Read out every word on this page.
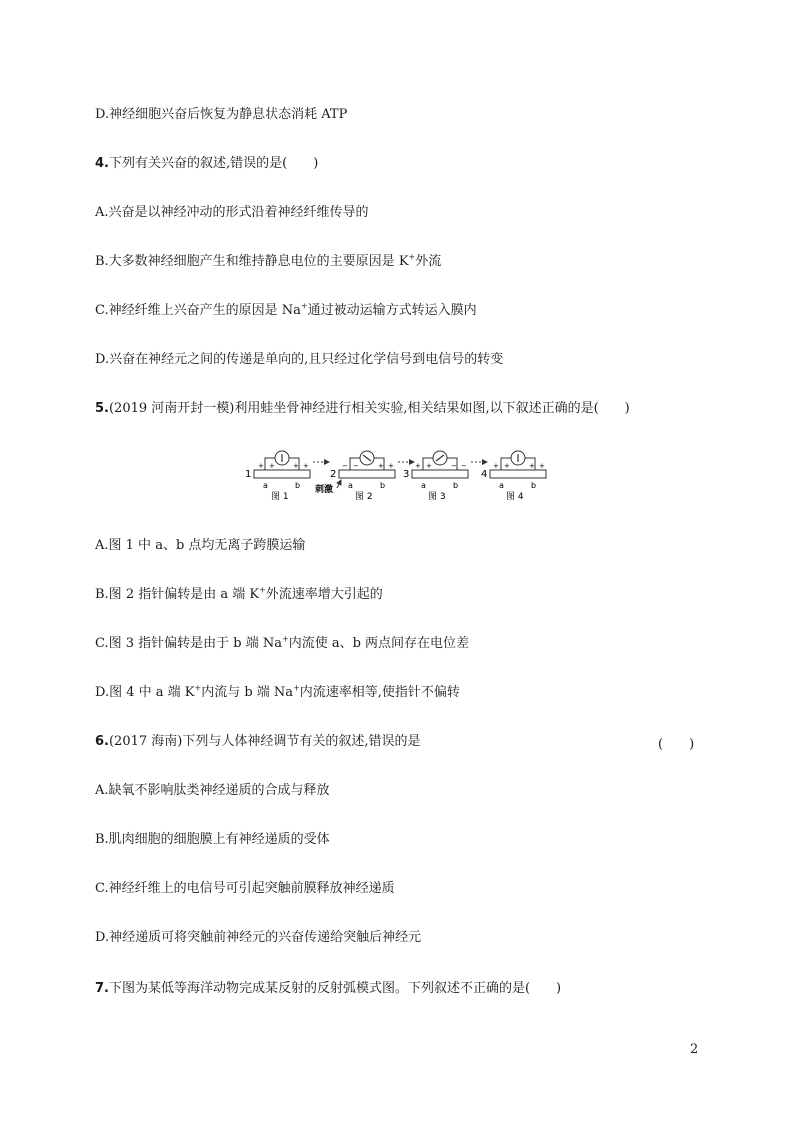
D.神经细胞兴奋后恢复为静息状态消耗 ATP
4.下列有关兴奋的叙述,错误的是(　　)
A.兴奋是以神经冲动的形式沿着神经纤维传导的
B.大多数神经细胞产生和维持静息电位的主要原因是 K+外流
C.神经纤维上兴奋产生的原因是 Na+通过被动运输方式转运入膜内
D.兴奋在神经元之间的传递是单向的,且只经过化学信号到电信号的转变
5.(2019 河南开封一模)利用蛙坐骨神经进行相关实验,相关结果如图,以下叙述正确的是(　　)
1
+ +	+ +
a	b
图 1
2
− −	+ +
a	b
刺激
图 2
3
+ +	− −
a	b
图 3
4
+ +	+ +
a	b
图 4
A.图 1 中 a、b 点均无离子跨膜运输
B.图 2 指针偏转是由 a 端 K+外流速率增大引起的
C.图 3 指针偏转是由于 b 端 Na+内流使 a、b 两点间存在电位差
D.图 4 中 a 端 K+内流与 b 端 Na+内流速率相等,使指针不偏转
6.(2017 海南)下列与人体神经调节有关的叙述,错误的是	(　　)
A.缺氧不影响肽类神经递质的合成与释放
B.肌肉细胞的细胞膜上有神经递质的受体
C.神经纤维上的电信号可引起突触前膜释放神经递质
D.神经递质可将突触前神经元的兴奋传递给突触后神经元
7.下图为某低等海洋动物完成某反射的反射弧模式图。下列叙述不正确的是(　　)
2
